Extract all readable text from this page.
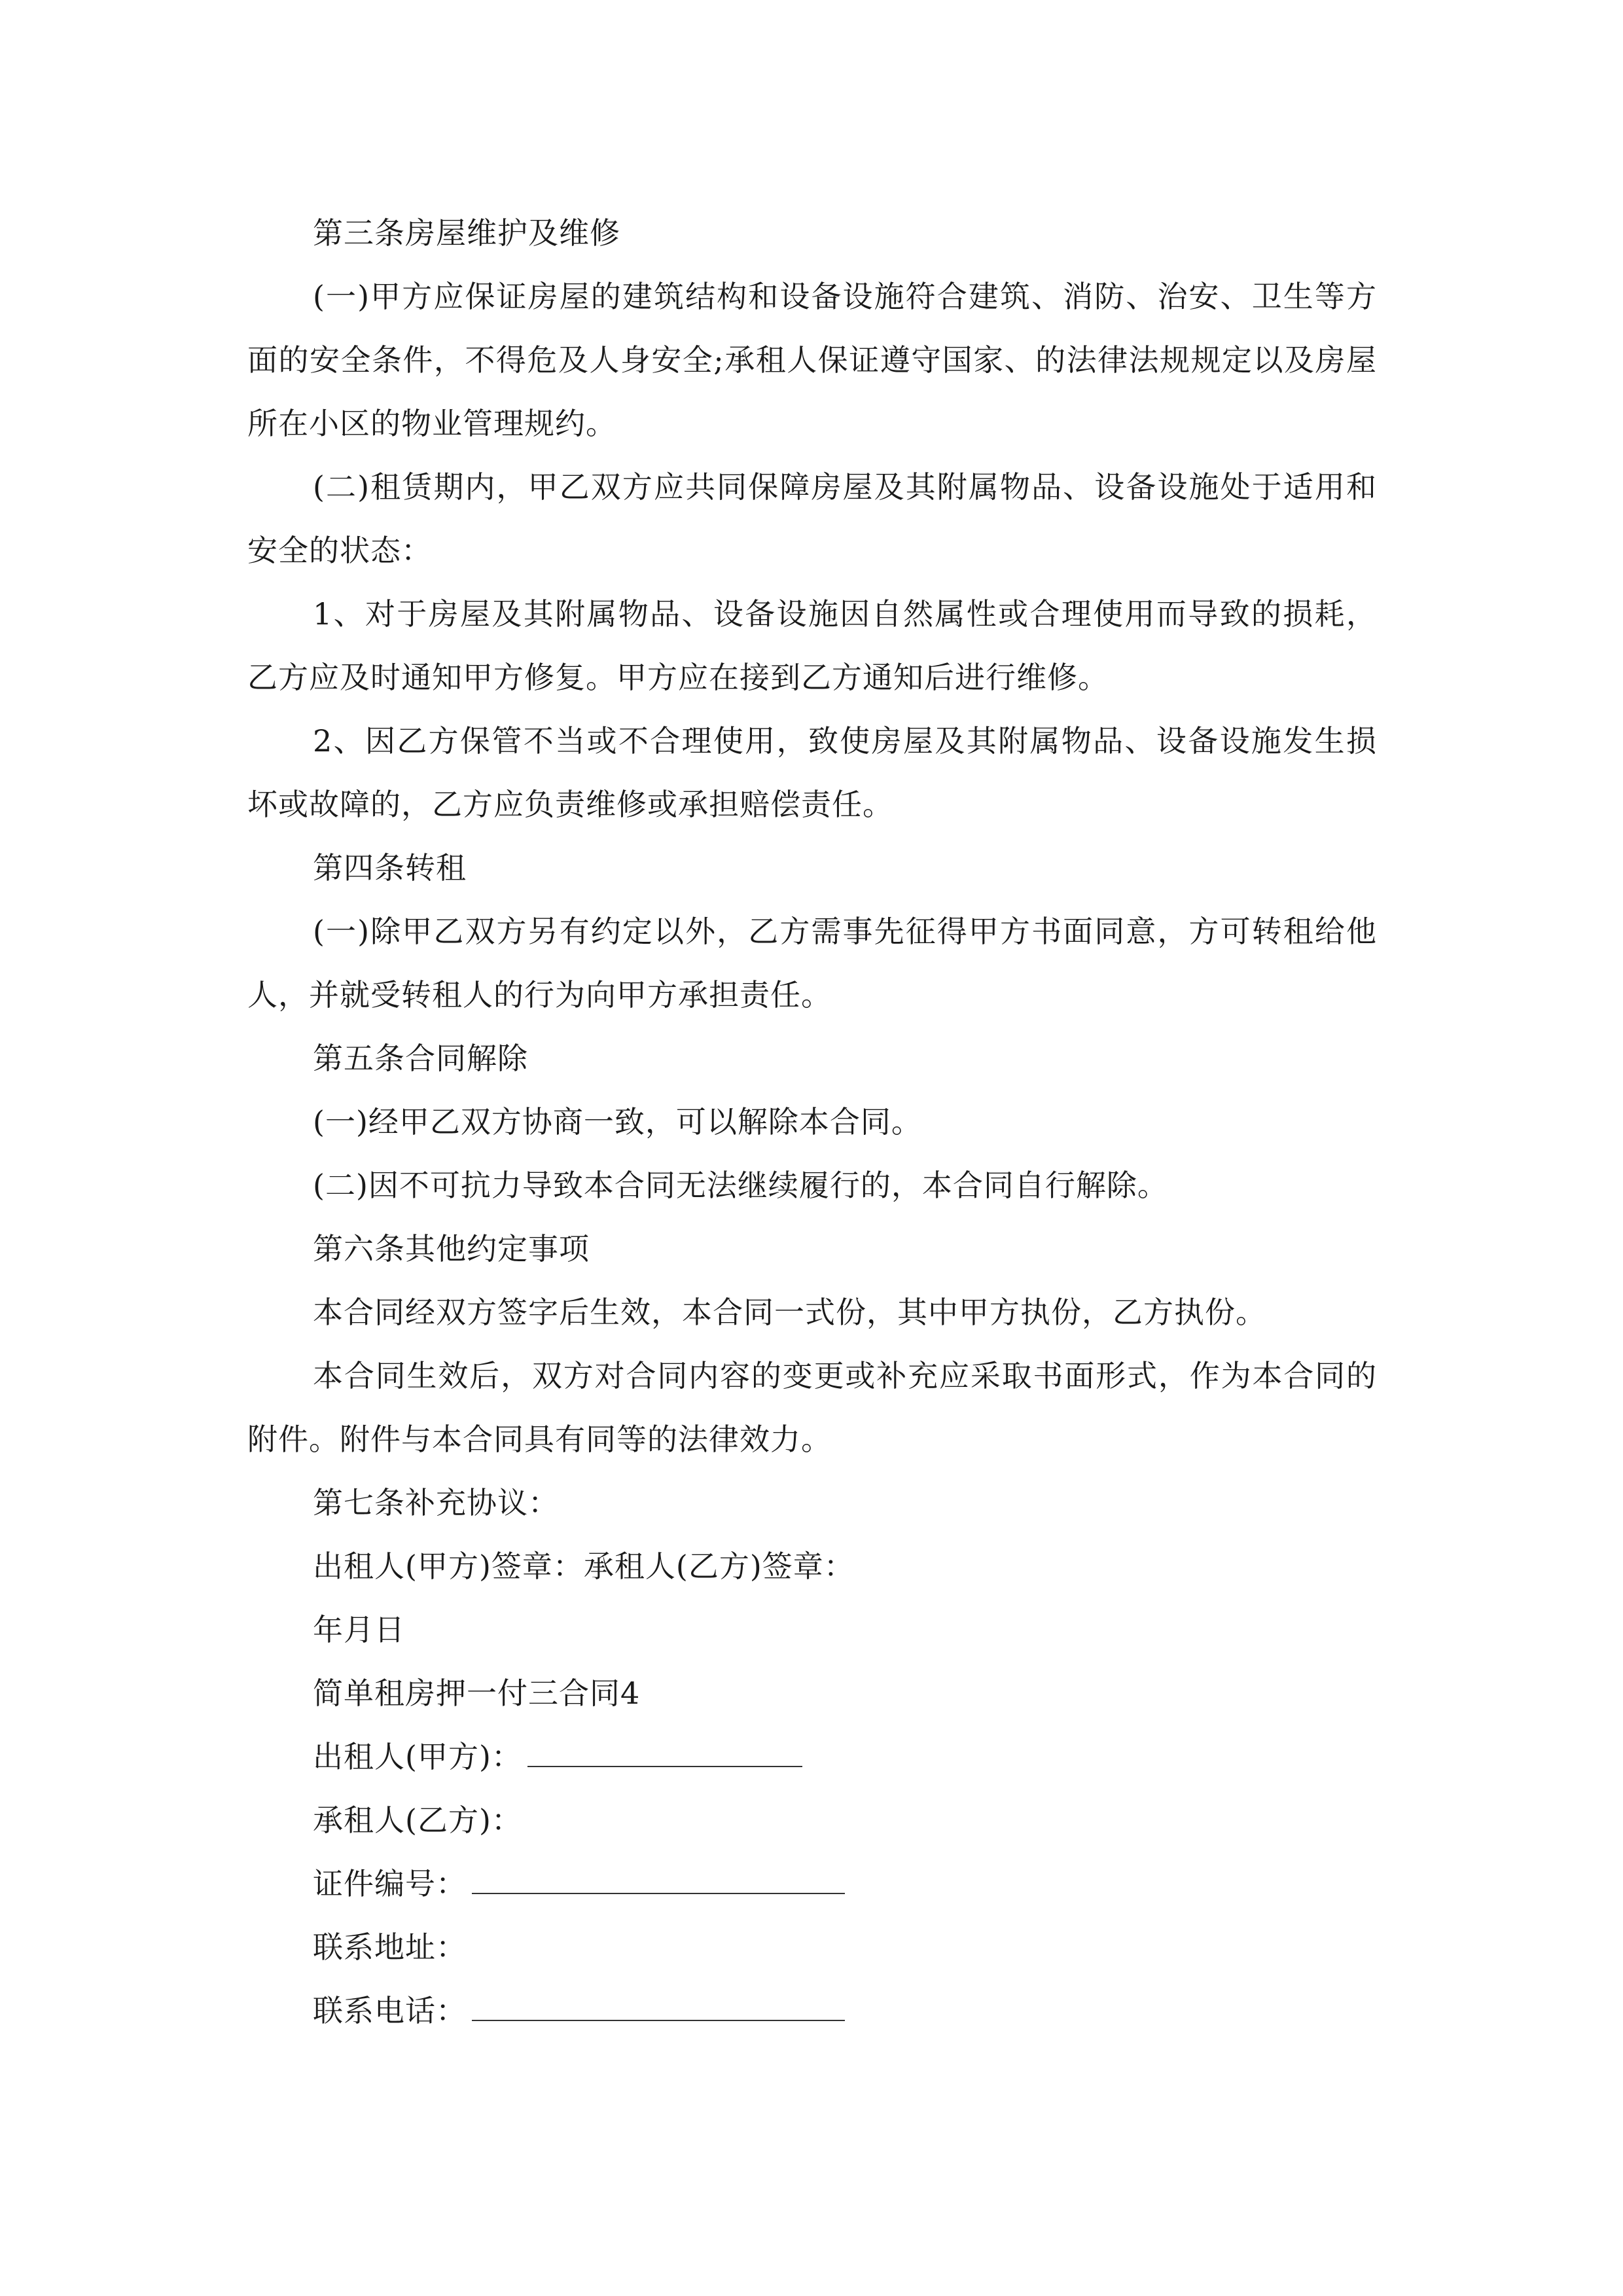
第三条房屋维护及维修

(一)甲方应保证房屋的建筑结构和设备设施符合建筑、消防、治安、卫生等方面的安全条件，不得危及人身安全;承租人保证遵守国家、的法律法规规定以及房屋所在小区的物业管理规约。

(二)租赁期内，甲乙双方应共同保障房屋及其附属物品、设备设施处于适用和安全的状态：

1、对于房屋及其附属物品、设备设施因自然属性或合理使用而导致的损耗，乙方应及时通知甲方修复。甲方应在接到乙方通知后进行维修。

2、因乙方保管不当或不合理使用，致使房屋及其附属物品、设备设施发生损坏或故障的，乙方应负责维修或承担赔偿责任。

第四条转租

(一)除甲乙双方另有约定以外，乙方需事先征得甲方书面同意，方可转租给他人，并就受转租人的行为向甲方承担责任。

第五条合同解除

(一)经甲乙双方协商一致，可以解除本合同。

(二)因不可抗力导致本合同无法继续履行的，本合同自行解除。

第六条其他约定事项

本合同经双方签字后生效，本合同一式份，其中甲方执份，乙方执份。

本合同生效后，双方对合同内容的变更或补充应采取书面形式，作为本合同的附件。附件与本合同具有同等的法律效力。

第七条补充协议：

出租人(甲方)签章：承租人(乙方)签章：

年月日

简单租房押一付三合同4

出租人(甲方)：
承租人(乙方)：
证件编号：
联系地址：
联系电话：
